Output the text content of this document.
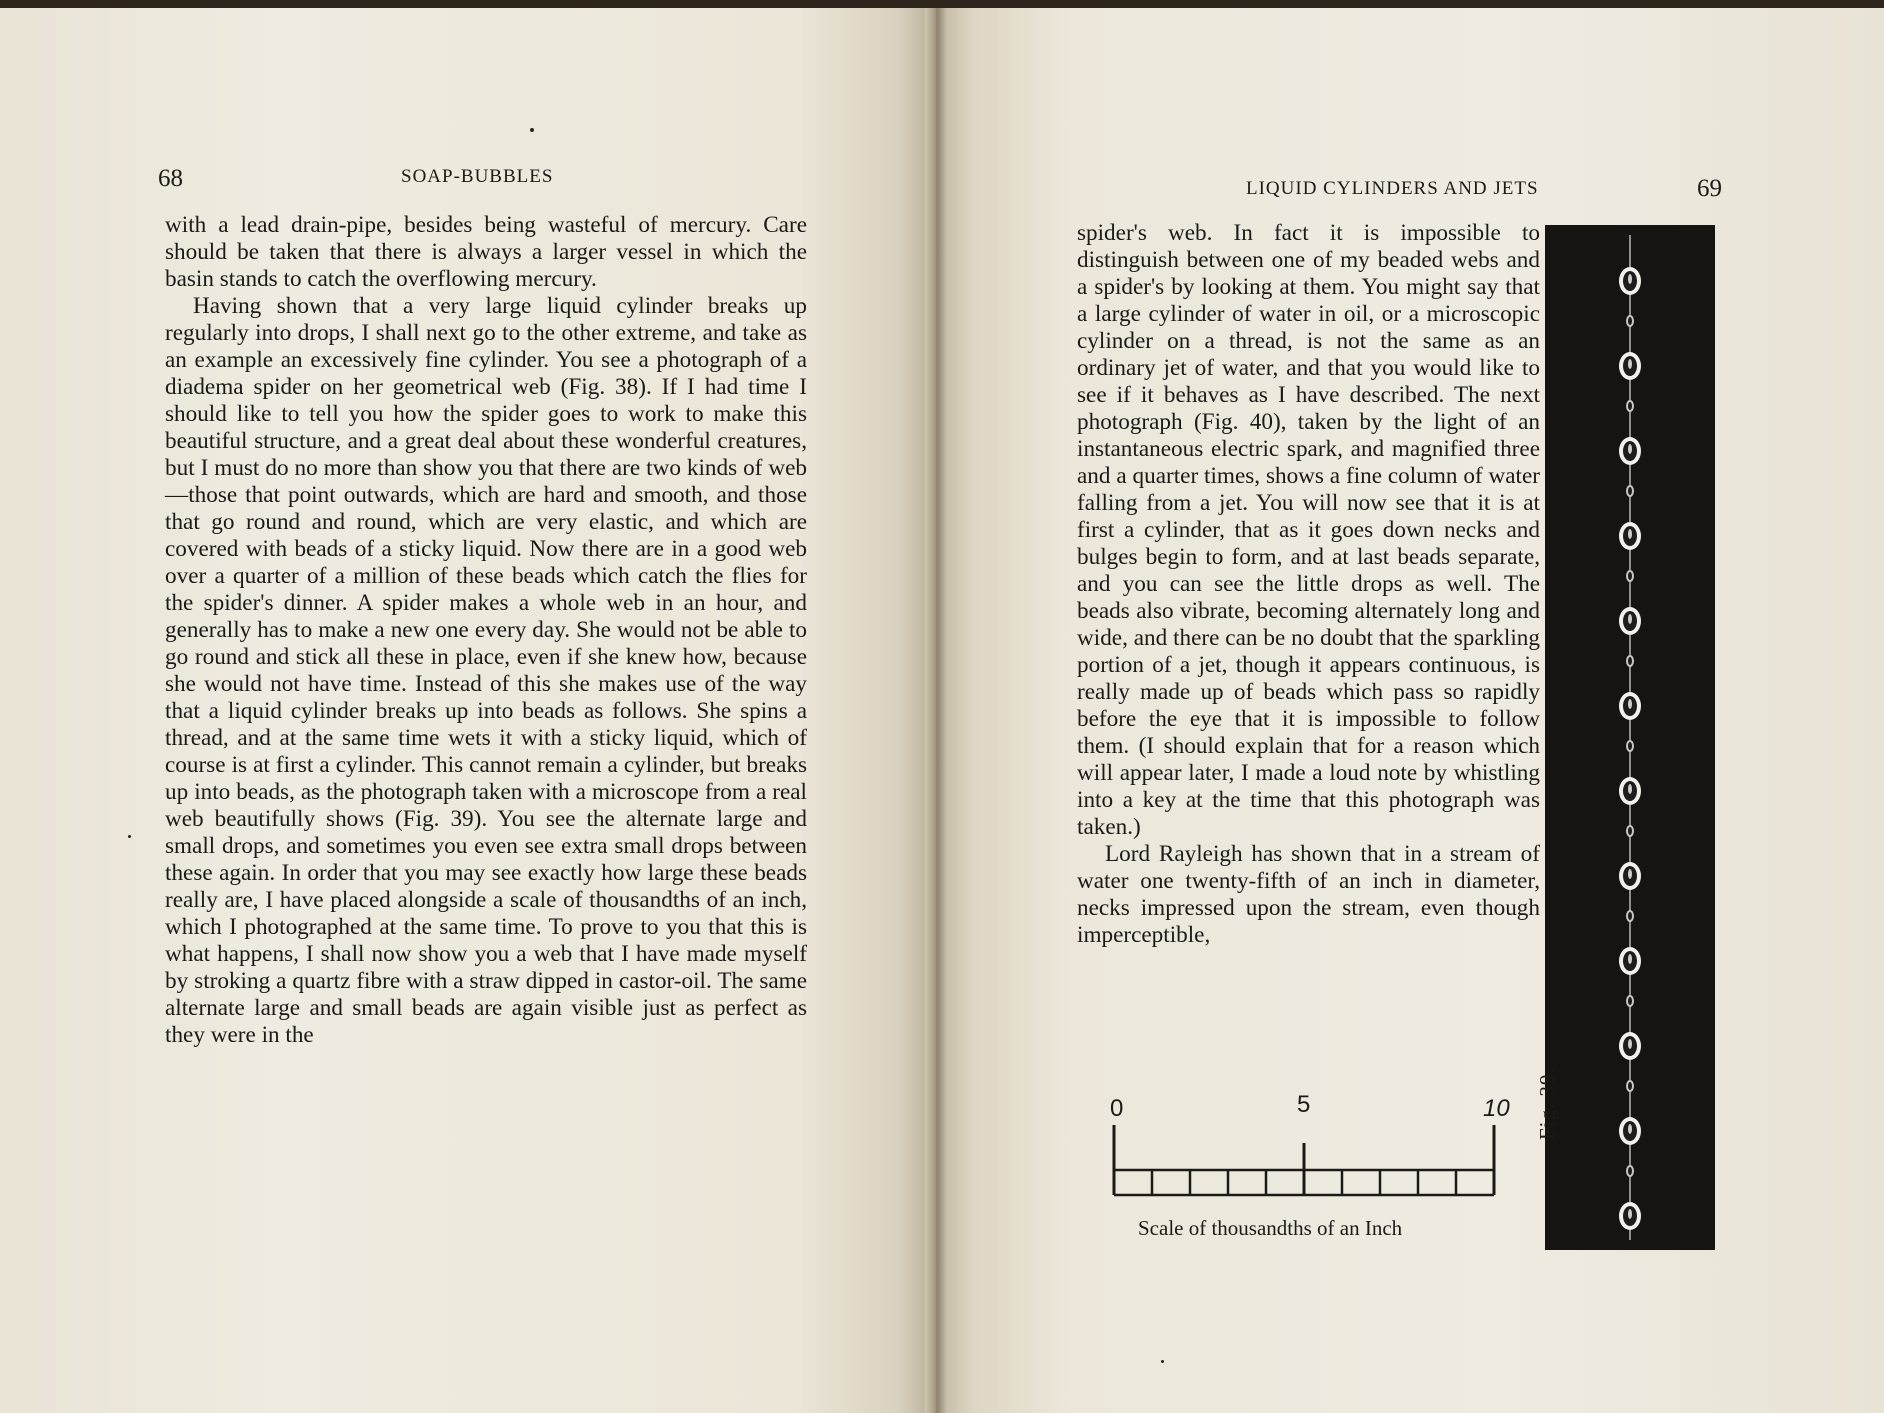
68	SOAP-BUBBLES

with a lead drain-pipe, besides being wasteful of mercury. Care should be taken that there is always a larger vessel in which the basin stands to catch the overflowing mercury.

Having shown that a very large liquid cylinder breaks up regularly into drops, I shall next go to the other extreme, and take as an example an excessively fine cylinder. You see a photograph of a diadema spider on her geometrical web (Fig. 38). If I had time I should like to tell you how the spider goes to work to make this beautiful structure, and a great deal about these wonderful creatures, but I must do no more than show you that there are two kinds of web—those that point outwards, which are hard and smooth, and those that go round and round, which are very elastic, and which are covered with beads of a sticky liquid. Now there are in a good web over a quarter of a million of these beads which catch the flies for the spider's dinner. A spider makes a whole web in an hour, and generally has to make a new one every day. She would not be able to go round and stick all these in place, even if she knew how, because she would not have time. Instead of this she makes use of the way that a liquid cylinder breaks up into beads as follows. She spins a thread, and at the same time wets it with a sticky liquid, which of course is at first a cylinder. This cannot remain a cylinder, but breaks up into beads, as the photograph taken with a microscope from a real web beautifully shows (Fig. 39). You see the alternate large and small drops, and sometimes you even see extra small drops between these again. In order that you may see exactly how large these beads really are, I have placed alongside a scale of thousandths of an inch, which I photographed at the same time. To prove to you that this is what happens, I shall now show you a web that I have made myself by stroking a quartz fibre with a straw dipped in castor-oil. The same alternate large and small beads are again visible just as perfect as they were in the

LIQUID CYLINDERS AND JETS	69

spider's web. In fact it is impossible to distinguish between one of my beaded webs and a spider's by looking at them. You might say that a large cylinder of water in oil, or a microscopic cylinder on a thread, is not the same as an ordinary jet of water, and that you would like to see if it behaves as I have described. The next photograph (Fig. 40), taken by the light of an instantaneous electric spark, and magnified three and a quarter times, shows a fine column of water falling from a jet. You will now see that it is at first a cylinder, that as it goes down necks and bulges begin to form, and at last beads separate, and you can see the little drops as well. The beads also vibrate, becoming alternately long and wide, and there can be no doubt that the sparkling portion of a jet, though it appears continuous, is really made up of beads which pass so rapidly before the eye that it is impossible to follow them. (I should explain that for a reason which will appear later, I made a loud note by whistling into a key at the time that this photograph was taken.)

Lord Rayleigh has shown that in a stream of water one twenty-fifth of an inch in diameter, necks impressed upon the stream, even though imperceptible,

Fig. 39.
0	5	10
Scale of thousandths of an Inch
